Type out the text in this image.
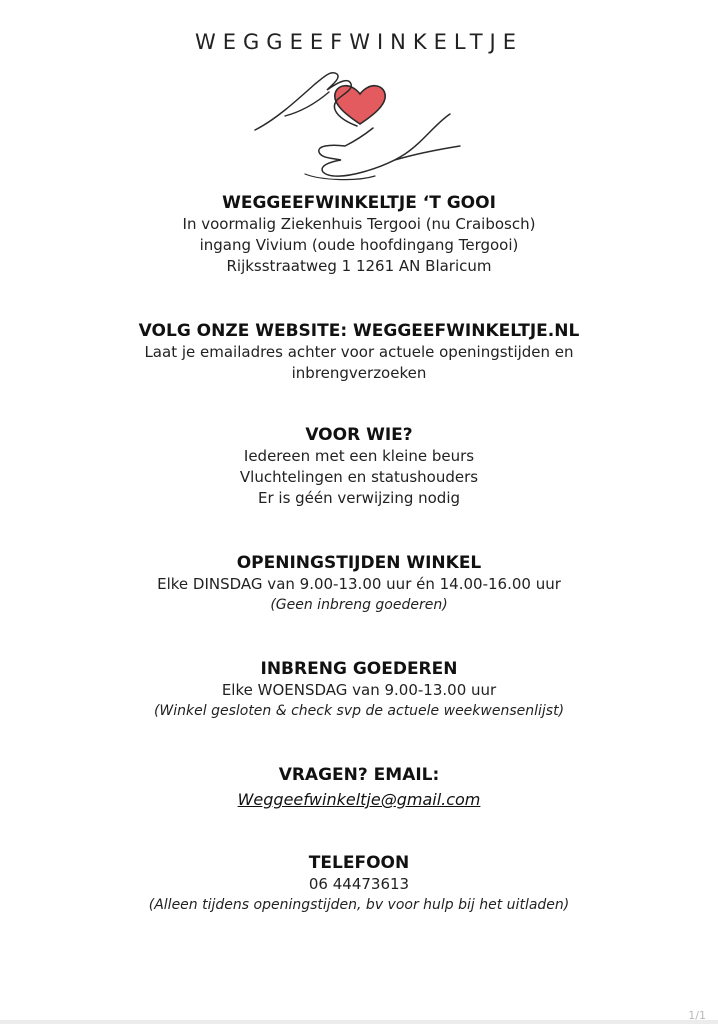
WEGGEEFWINKELTJE

WEGGEEFWINKELTJE ‘T GOOI

In voormalig Ziekenhuis Tergooi (nu Craibosch)

ingang Vivium (oude hoofdingang Tergooi)

Rijksstraatweg 1 1261 AN Blaricum

VOLG ONZE WEBSITE: WEGGEEFWINKELTJE.NL

Laat je emailadres achter voor actuele openingstijden en

inbrengverzoeken

VOOR WIE?

Iedereen met een kleine beurs

Vluchtelingen en statushouders

Er is géén verwijzing nodig

OPENINGSTIJDEN WINKEL

Elke DINSDAG van 9.00-13.00 uur én 14.00-16.00 uur

(Geen inbreng goederen)

INBRENG GOEDEREN

Elke WOENSDAG van 9.00-13.00 uur

(Winkel gesloten & check svp de actuele weekwensenlijst)

VRAGEN? EMAIL:

Weggeefwinkeltje@gmail.com

TELEFOON

06 44473613

(Alleen tijdens openingstijden, bv voor hulp bij het uitladen)

1/1
